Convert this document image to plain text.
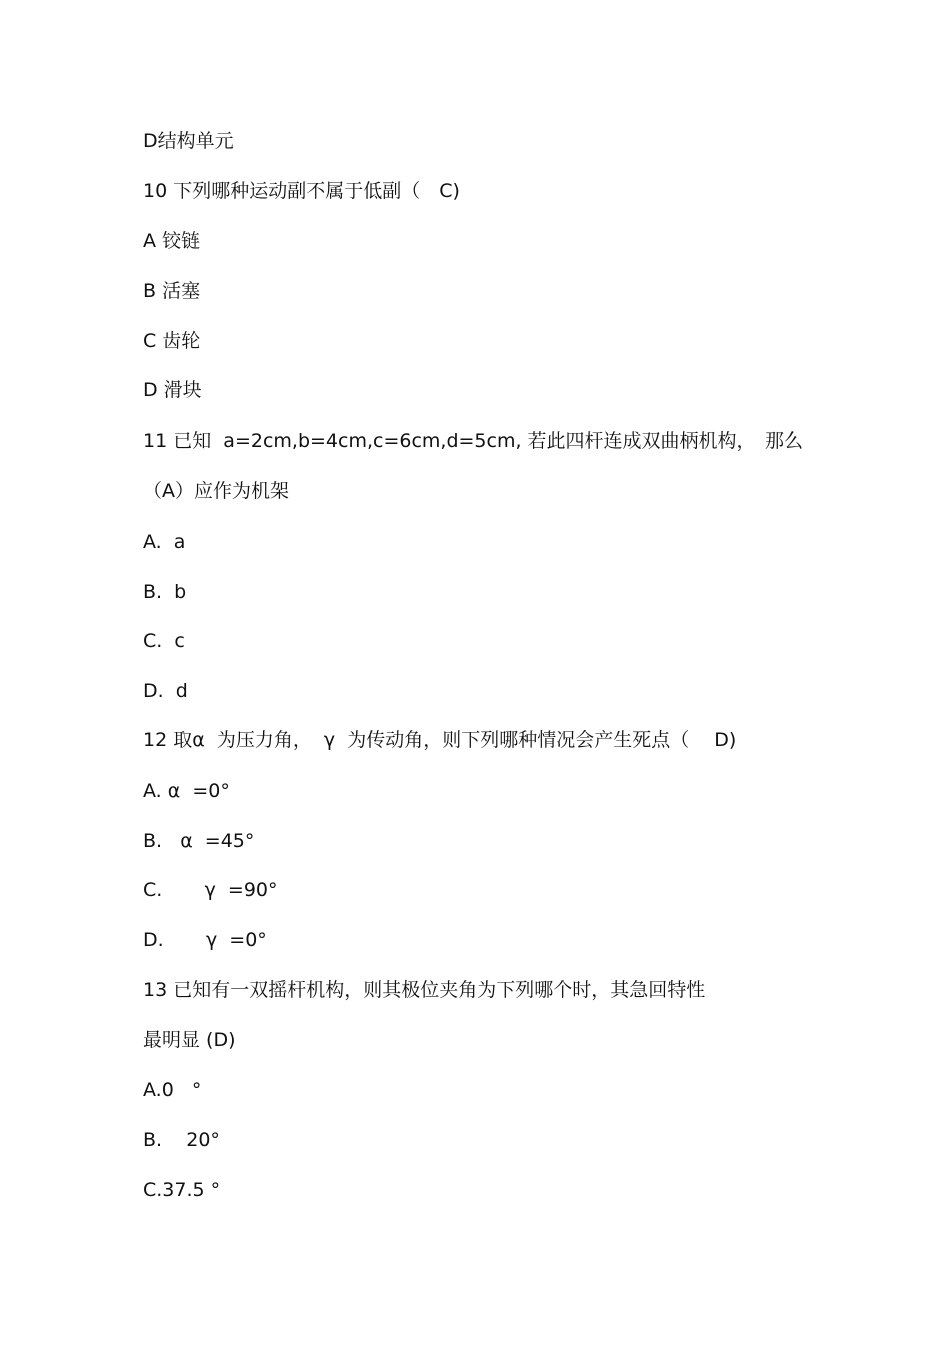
D结构单元
10 下列哪种运动副不属于低副（　C)
A 铰链
B 活塞
C 齿轮
D 滑块
11 已知  a=2cm,b=4cm,c=6cm,d=5cm, 若此四杆连成双曲柄机构，　那么
（A）应作为机架
A.  a
B.  b
C.  c
D.  d
12 取α  为压力角，  γ  为传动角，则下列哪种情况会产生死点（　 D)
A. α  =0°
B.   α  =45°
C.       γ  =90°
D.       γ  =0°
13 已知有一双摇杆机构，则其极位夹角为下列哪个时，其急回特性
最明显 (D)
A.0   °
B.    20°
C.37.5 °
